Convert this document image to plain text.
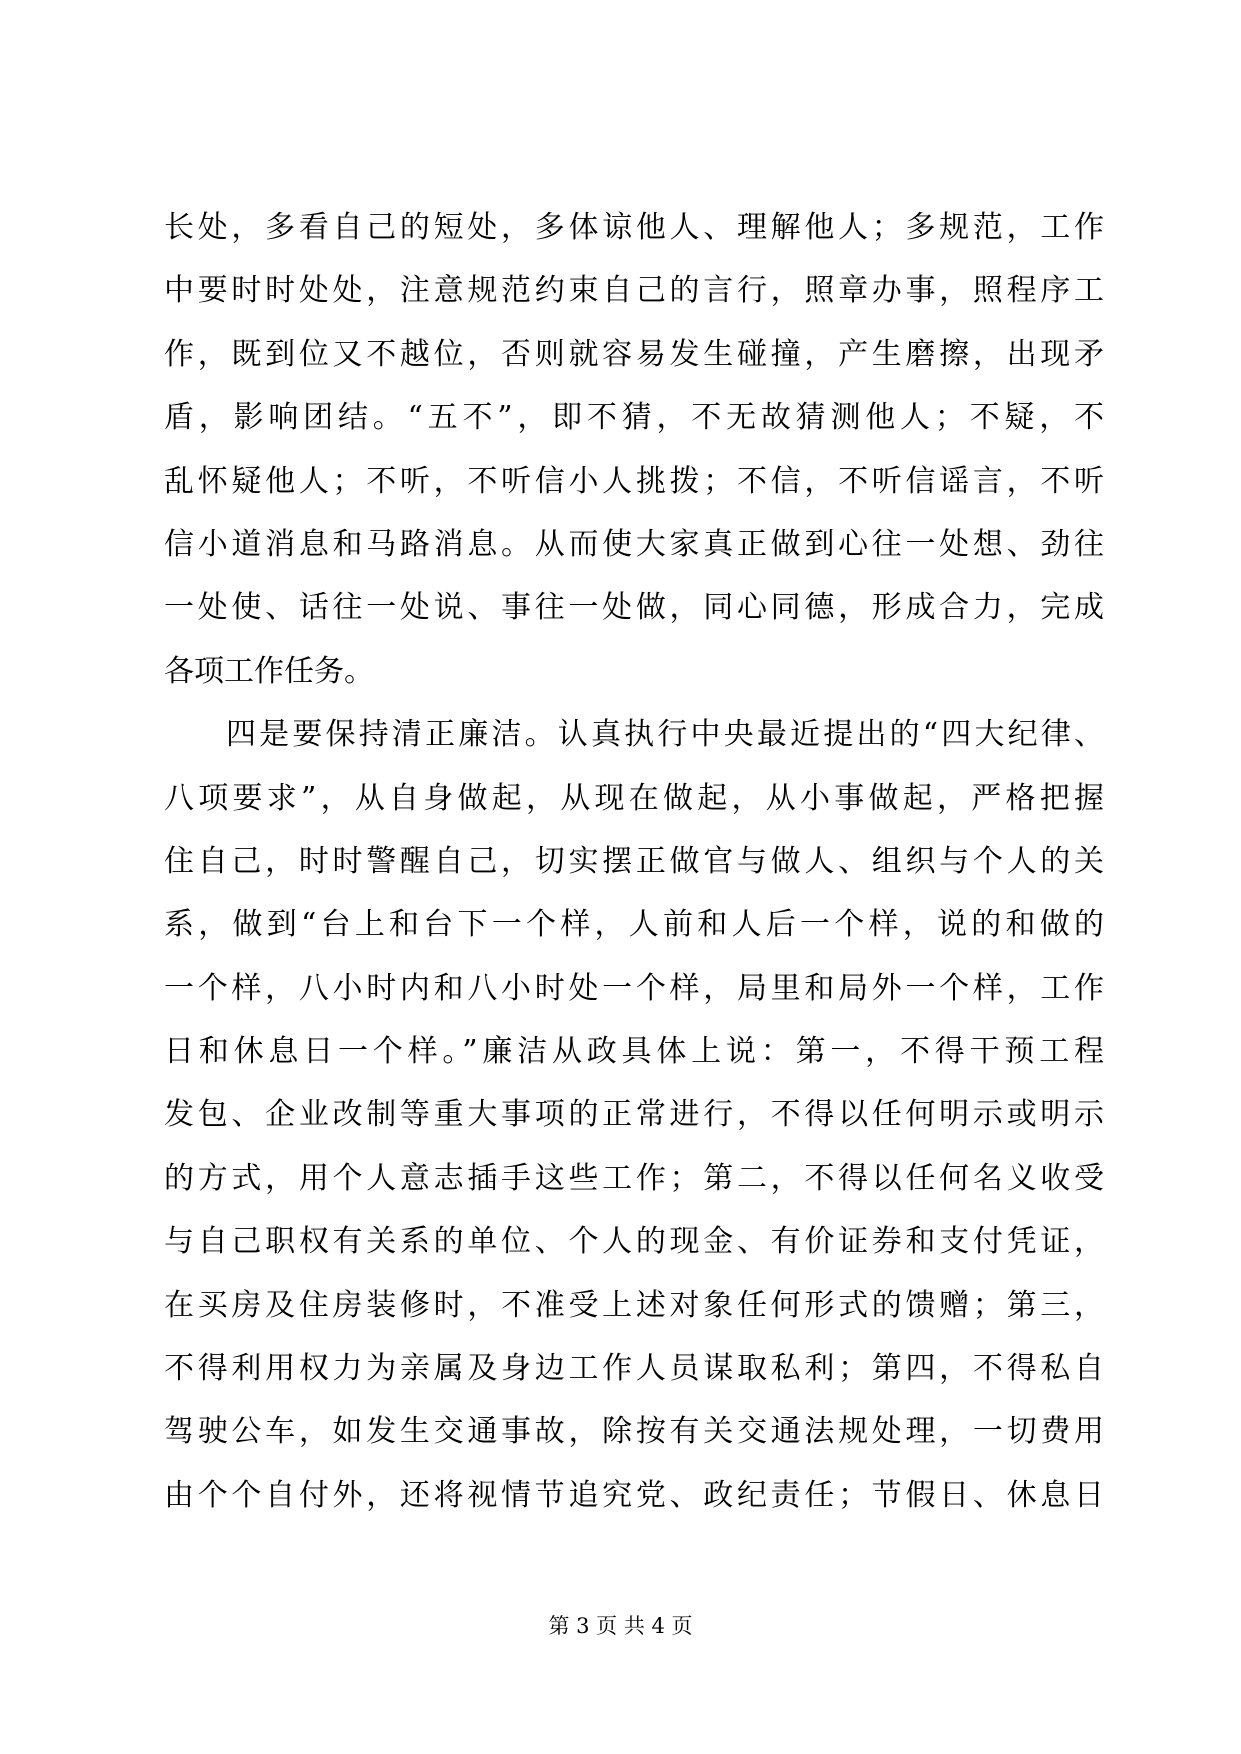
长处，多看自己的短处，多体谅他人、理解他人；多规范，工作
中要时时处处，注意规范约束自己的言行，照章办事，照程序工
作，既到位又不越位，否则就容易发生碰撞，产生磨擦，出现矛
盾，影响团结。“五不”，即不猜，不无故猜测他人；不疑，不
乱怀疑他人；不听，不听信小人挑拨；不信，不听信谣言，不听
信小道消息和马路消息。从而使大家真正做到心往一处想、劲往
一处使、话往一处说、事往一处做，同心同德，形成合力，完成
各项工作任务。
四是要保持清正廉洁。认真执行中央最近提出的“四大纪律、
八项要求”，从自身做起，从现在做起，从小事做起，严格把握
住自己，时时警醒自己，切实摆正做官与做人、组织与个人的关
系，做到“台上和台下一个样，人前和人后一个样，说的和做的
一个样，八小时内和八小时处一个样，局里和局外一个样，工作
日和休息日一个样。”廉洁从政具体上说：第一，不得干预工程
发包、企业改制等重大事项的正常进行，不得以任何明示或明示
的方式，用个人意志插手这些工作；第二，不得以任何名义收受
与自己职权有关系的单位、个人的现金、有价证券和支付凭证，
在买房及住房装修时，不准受上述对象任何形式的馈赠；第三，
不得利用权力为亲属及身边工作人员谋取私利；第四，不得私自
驾驶公车，如发生交通事故，除按有关交通法规处理，一切费用
由个个自付外，还将视情节追究党、政纪责任；节假日、休息日
第 3 页 共 4 页
